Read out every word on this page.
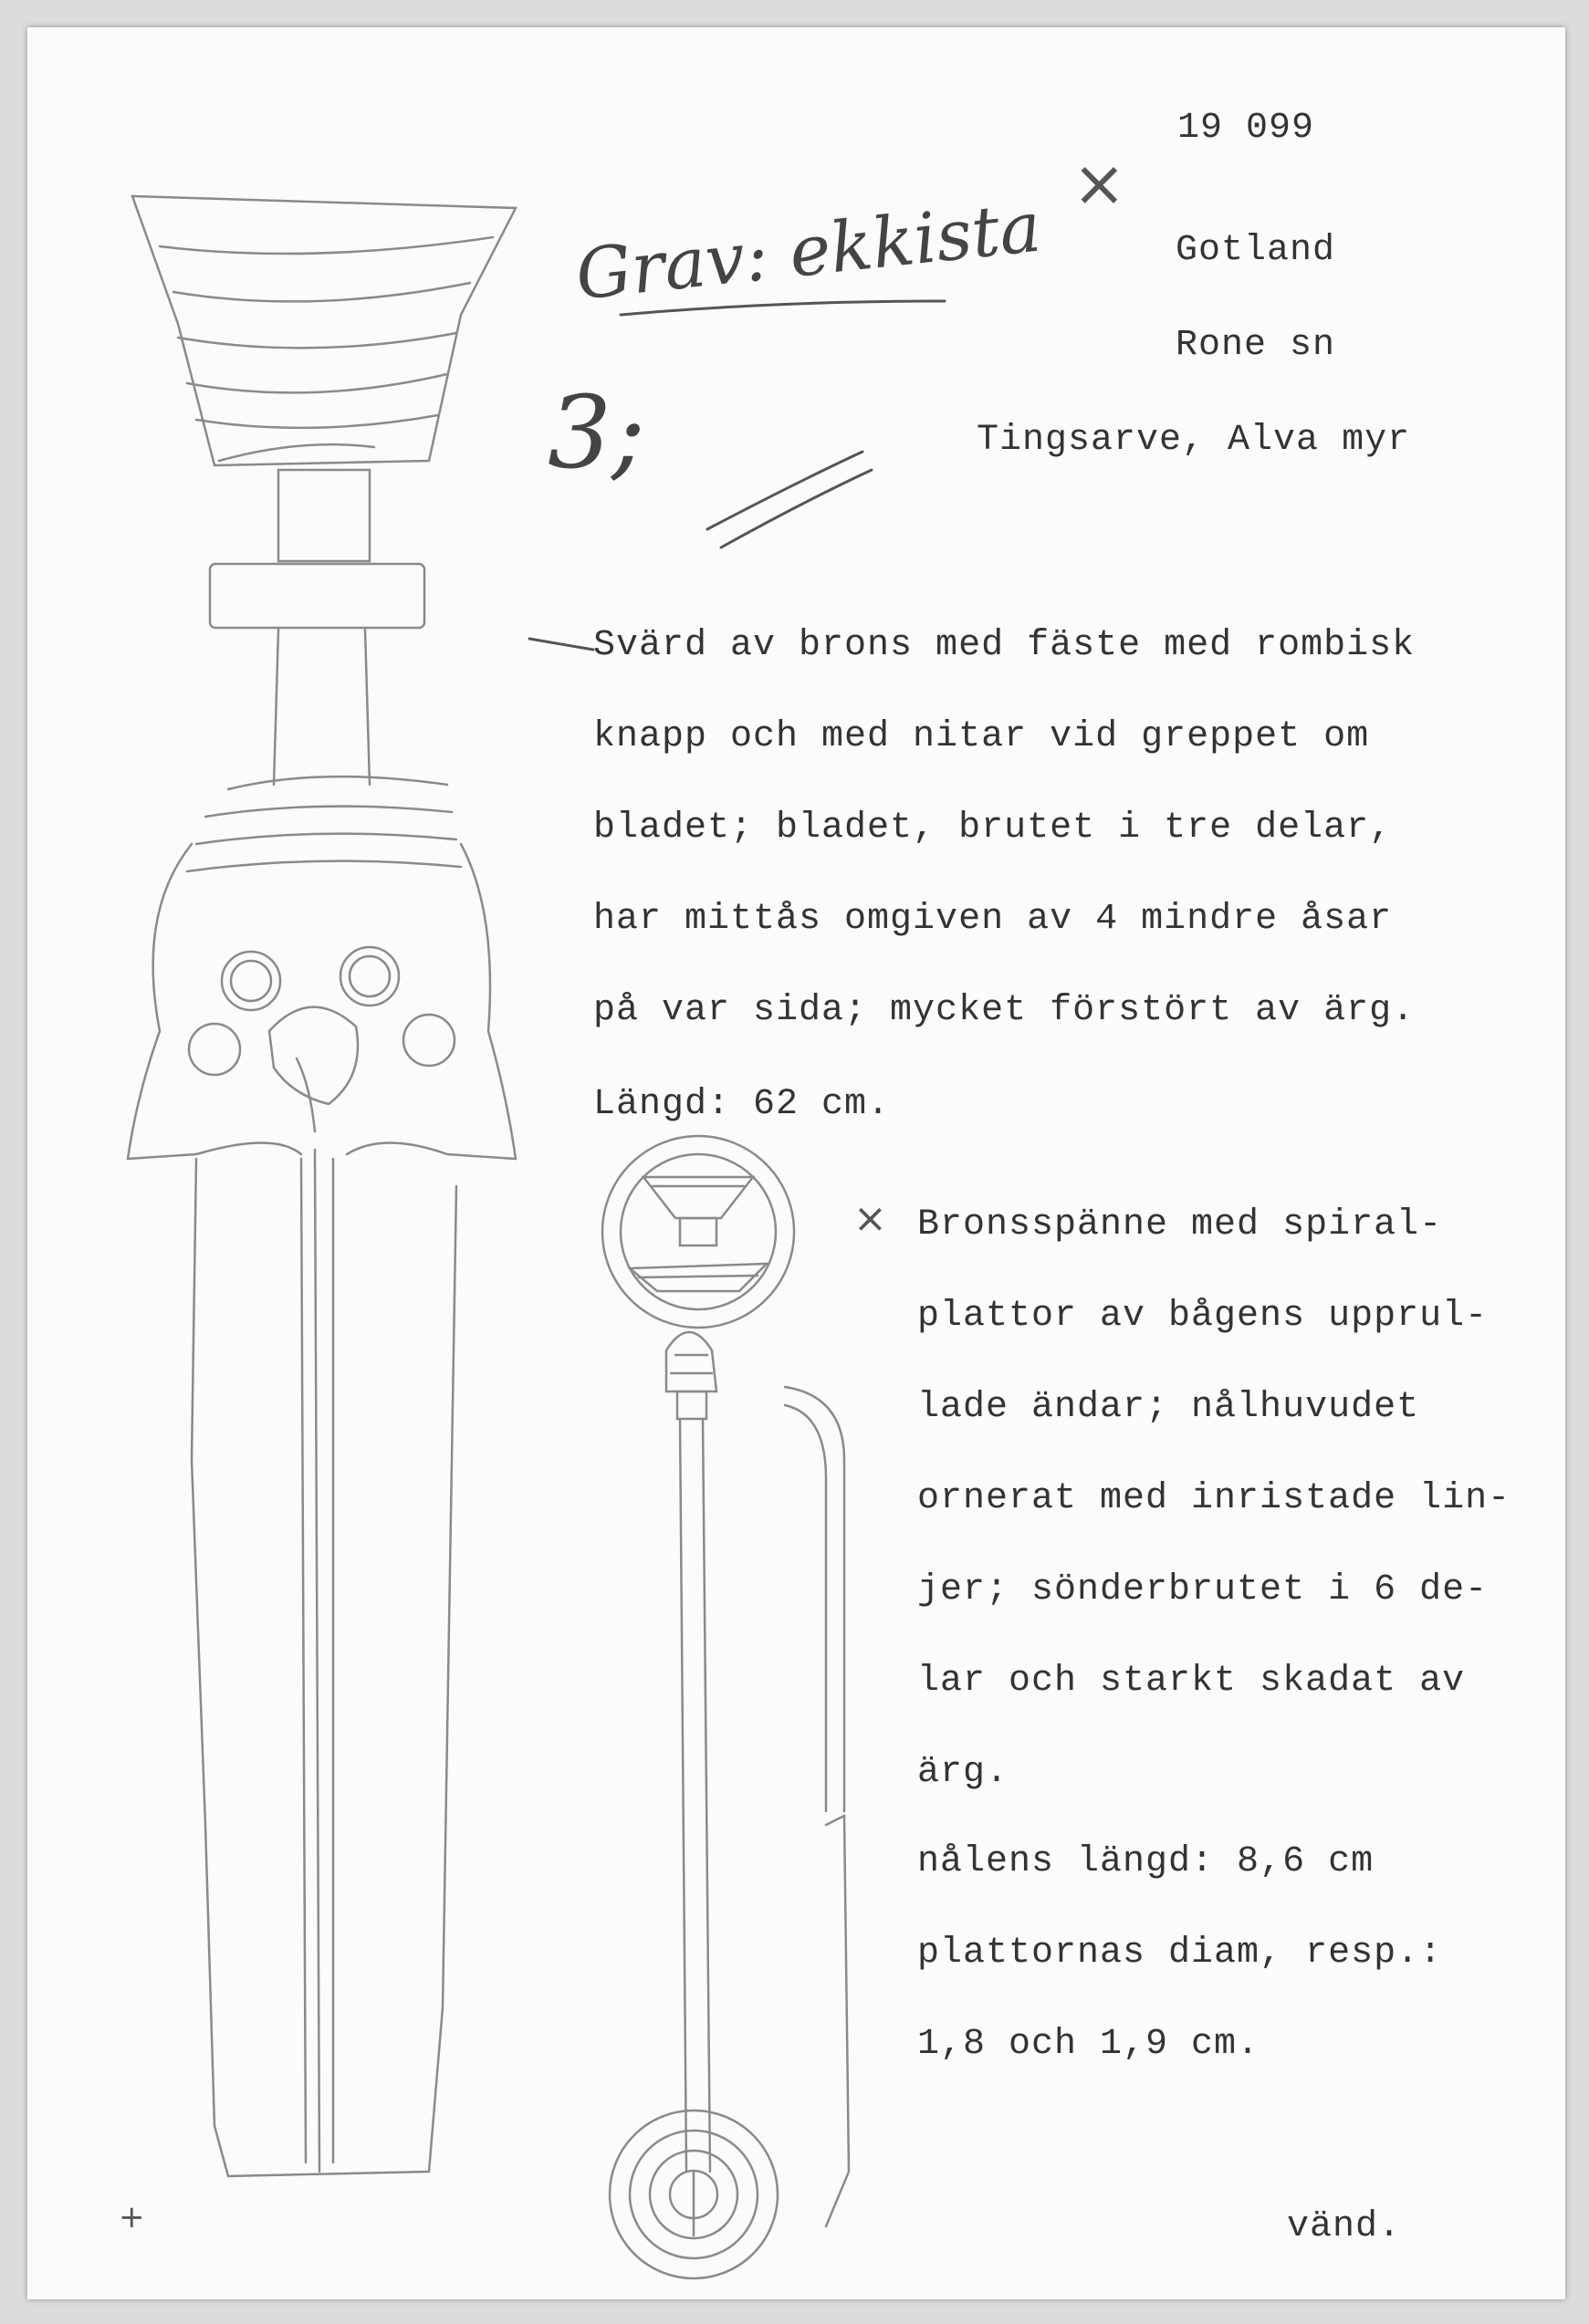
19 099
×
Gotland
Rone sn
Tingsarve, Alva myr
Grav: ekkista
3;
Svärd av brons med fäste med rombisk
knapp och med nitar vid greppet om
bladet; bladet, brutet i tre delar,
har mittås omgiven av 4 mindre åsar
på var sida; mycket förstört av ärg.
Längd: 62 cm.
× Bronsspänne med spiral-
plattor av bågens upprul-
lade ändar; nålhuvudet
ornerat med inristade lin-
jer; sönderbrutet i 6 de-
lar och starkt skadat av
ärg.
nålens längd: 8,6 cm
plattornas diam, resp.:
1,8 och 1,9 cm.
+	vänd.
